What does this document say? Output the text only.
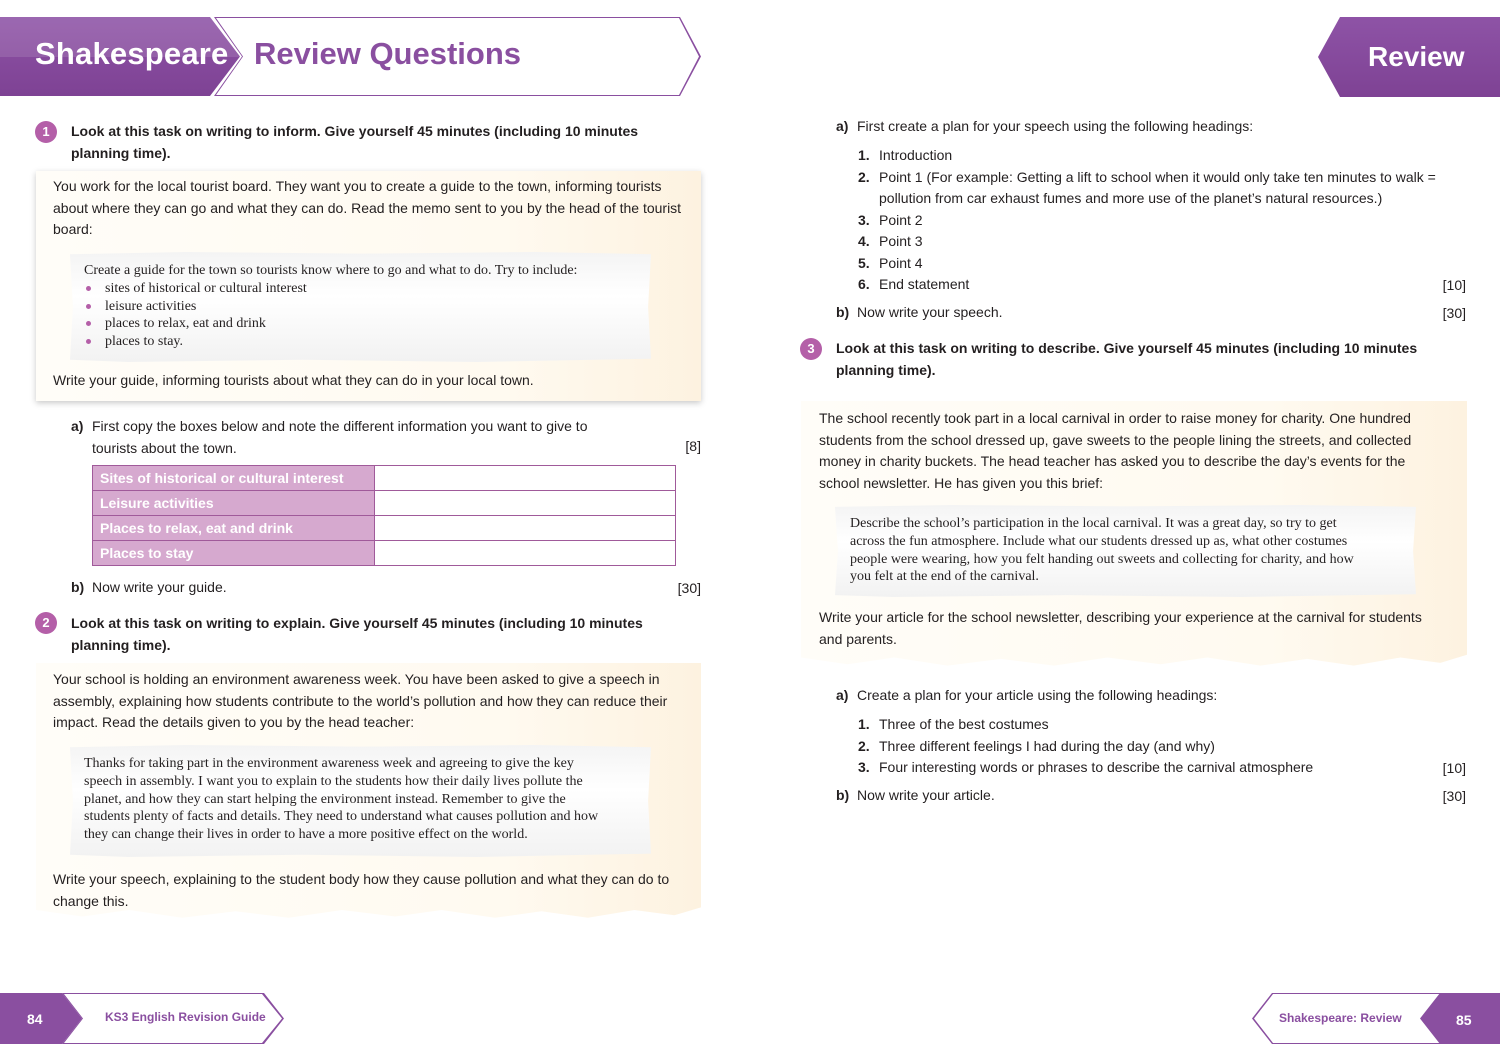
Shakespeare Review Questions	Review
1	Look at this task on writing to inform. Give yourself 45 minutes (including 10 minutes planning time).
You work for the local tourist board. They want you to create a guide to the town, informing tourists about where they can go and what they can do. Read the memo sent to you by the head of the tourist board:
Create a guide for the town so tourists know where to go and what to do. Try to include:
sites of historical or cultural interest
leisure activities
places to relax, eat and drink
places to stay.
Write your guide, informing tourists about what they can do in your local town.
a) First copy the boxes below and note the different information you want to give to tourists about the town.	[8]
Sites of historical or cultural interest	
Leisure activities	
Places to relax, eat and drink	
Places to stay	
b) Now write your guide.	[30]
2	Look at this task on writing to explain. Give yourself 45 minutes (including 10 minutes planning time).
Your school is holding an environment awareness week. You have been asked to give a speech in assembly, explaining how students contribute to the world’s pollution and how they can reduce their impact. Read the details given to you by the head teacher:
Thanks for taking part in the environment awareness week and agreeing to give the key speech in assembly. I want you to explain to the students how their daily lives pollute the planet, and how they can start helping the environment instead. Remember to give the students plenty of facts and details. They need to understand what causes pollution and how they can change their lives in order to have a more positive effect on the world.
Write your speech, explaining to the student body how they cause pollution and what they can do to change this.
a) First create a plan for your speech using the following headings:
1. Introduction
2. Point 1 (For example: Getting a lift to school when it would only take ten minutes to walk = pollution from car exhaust fumes and more use of the planet’s natural resources.)
3. Point 2
4. Point 3
5. Point 4
6. End statement	[10]
b) Now write your speech.	[30]
3	Look at this task on writing to describe. Give yourself 45 minutes (including 10 minutes planning time).
The school recently took part in a local carnival in order to raise money for charity. One hundred students from the school dressed up, gave sweets to the people lining the streets, and collected money in charity buckets. The head teacher has asked you to describe the day’s events for the school newsletter. He has given you this brief:
Describe the school’s participation in the local carnival. It was a great day, so try to get across the fun atmosphere. Include what our students dressed up as, what other costumes people were wearing, how you felt handing out sweets and collecting for charity, and how you felt at the end of the carnival.
Write your article for the school newsletter, describing your experience at the carnival for students and parents.
a) Create a plan for your article using the following headings:
1. Three of the best costumes
2. Three different feelings I had during the day (and why)
3. Four interesting words or phrases to describe the carnival atmosphere	[10]
b) Now write your article.	[30]
84	KS3 English Revision Guide	Shakespeare: Review	85
